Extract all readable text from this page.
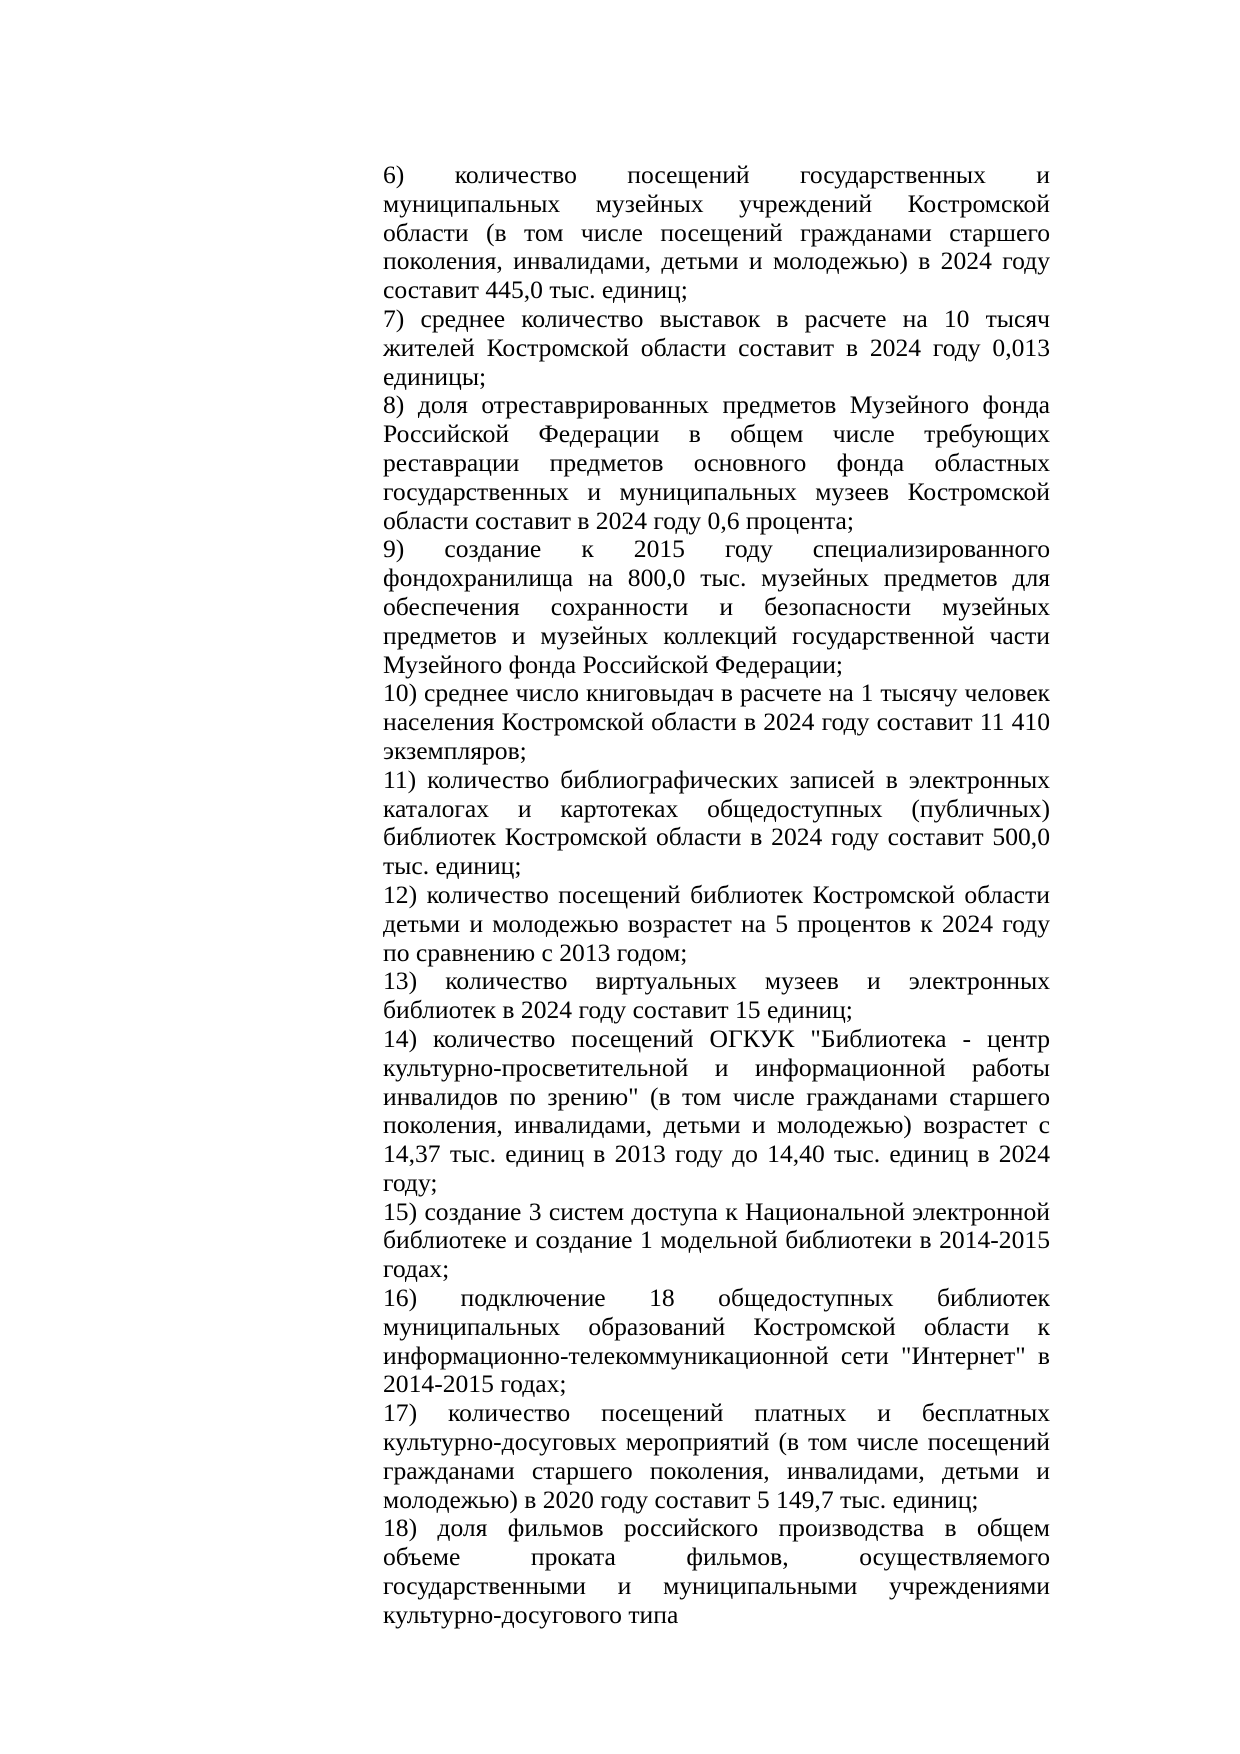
6) количество посещений государственных и муниципальных музейных учреждений Костромской области (в том числе посещений гражданами старшего поколения, инвалидами, детьми и молодежью) в 2024 году составит 445,0 тыс. единиц;

7) среднее количество выставок в расчете на 10 тысяч жителей Костромской области составит в 2024 году 0,013 единицы;

8) доля отреставрированных предметов Музейного фонда Российской Федерации в общем числе требующих реставрации предметов основного фонда областных государственных и муниципальных музеев Костромской области составит в 2024 году 0,6 процента;

9) создание к 2015 году специализированного фондохранилища на 800,0 тыс. музейных предметов для обеспечения сохранности и безопасности музейных предметов и музейных коллекций государственной части Музейного фонда Российской Федерации;

10) среднее число книговыдач в расчете на 1 тысячу человек населения Костромской области в 2024 году составит 11 410 экземпляров;

11) количество библиографических записей в электронных каталогах и картотеках общедоступных (публичных) библиотек Костромской области в 2024 году составит 500,0 тыс. единиц;

12) количество посещений библиотек Костромской области детьми и молодежью возрастет на 5 процентов к 2024 году по сравнению с 2013 годом;

13) количество виртуальных музеев и электронных библиотек в 2024 году составит 15 единиц;

14) количество посещений ОГКУК "Библиотека - центр культурно-просветительной и информационной работы инвалидов по зрению" (в том числе гражданами старшего поколения, инвалидами, детьми и молодежью) возрастет с 14,37 тыс. единиц в 2013 году до 14,40 тыс. единиц в 2024 году;

15) создание 3 систем доступа к Национальной электронной библиотеке и создание 1 модельной библиотеки в 2014-2015 годах;

16) подключение 18 общедоступных библиотек муниципальных образований Костромской области к информационно-телекоммуникационной сети "Интернет" в 2014-2015 годах;

17) количество посещений платных и бесплатных культурно-досуговых мероприятий (в том числе посещений гражданами старшего поколения, инвалидами, детьми и молодежью) в 2020 году составит 5 149,7 тыс. единиц;

18) доля фильмов российского производства в общем объеме проката фильмов, осуществляемого государственными и муниципальными учреждениями культурно-досугового типа
